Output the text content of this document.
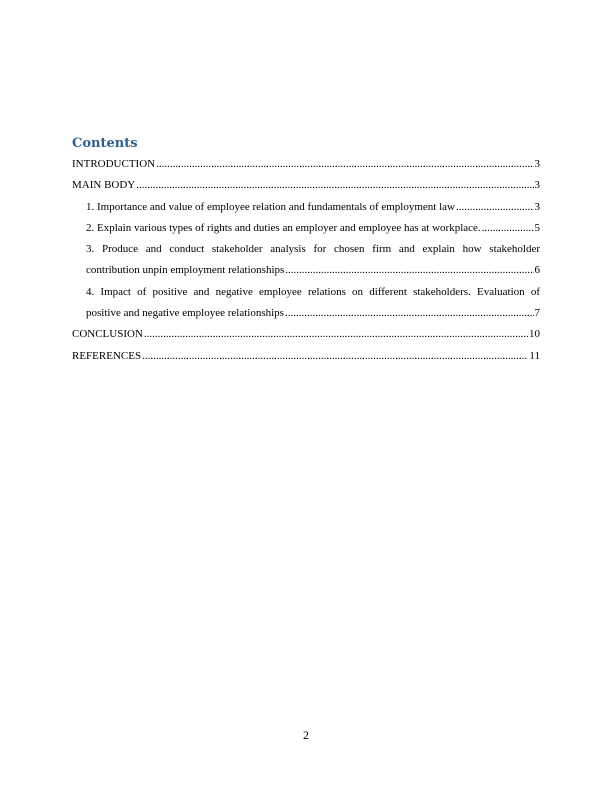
Contents
INTRODUCTION .....	3
MAIN BODY .....	3
1. Importance and value of employee relation and fundamentals of employment law .....	3
2. Explain various types of rights and duties an employer and employee has at workplace. .....	5
3. Produce and conduct stakeholder analysis for chosen firm and explain how stakeholder
contribution unpin employment relationships .....	6
4. Impact of positive and negative employee relations on different stakeholders. Evaluation of
positive and negative employee relationships .....	7
CONCLUSION .....	10
REFERENCES .....	11
2
